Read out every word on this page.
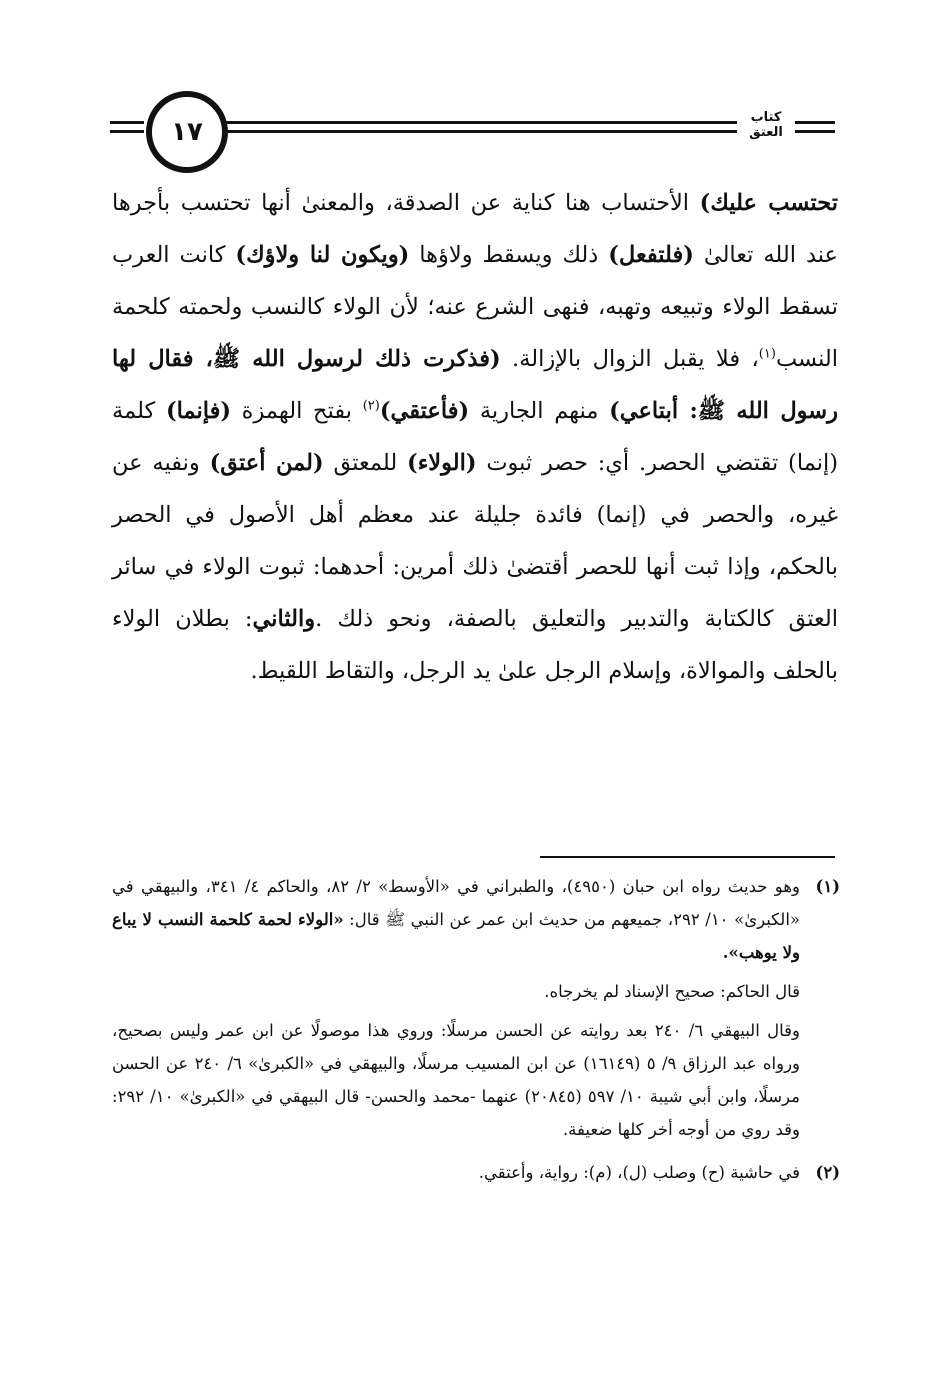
١٧	كتاب العتق
تحتسب عليك) الأحتساب هنا كناية عن الصدقة، والمعنىٰ أنها تحتسب بأجرها عند الله تعالىٰ (فلتفعل) ذلك ويسقط ولاؤها (ويكون لنا ولاؤك) كانت العرب تسقط الولاء وتبيعه وتهبه، فنهى الشرع عنه؛ لأن الولاء كالنسب ولحمته كلحمة النسب$^{(١)}$، فلا يقبل الزوال بالإزالة. (فذكرت ذلك لرسول الله ﷺ، فقال لها رسول الله ﷺ: أبتاعي) منهم الجارية (فأعتقي)$^{(٢)}$ بفتح الهمزة (فإنما) كلمة (إنما) تقتضي الحصر. أي: حصر ثبوت (الولاء) للمعتق (لمن أعتق) ونفيه عن غيره، والحصر في (إنما) فائدة جليلة عند معظم أهل الأصول في الحصر بالحكم، وإذا ثبت أنها للحصر أقتضىٰ ذلك أمرين: أحدهما: ثبوت الولاء في سائر العتق كالكتابة والتدبير والتعليق بالصفة، ونحو ذلك .والثاني: بطلان الولاء بالحلف والموالاة، وإسلام الرجل علىٰ يد الرجل، والتقاط اللقيط.
(١)

وهو حديث رواه ابن حبان (٤٩٥٠)، والطبراني في «الأوسط» ٢/ ٨٢، والحاكم ٤/ ٣٤١، والبيهقي في «الكبرىٰ» ١٠/ ٢٩٢، جميعهم من حديث ابن عمر عن النبي ﷺ قال: «الولاء لحمة كلحمة النسب لا يباع ولا يوهب».

قال الحاكم: صحيح الإسناد لم يخرجاه.

وقال البيهقي ٦/ ٢٤٠ بعد روايته عن الحسن مرسلًا: وروي هذا موصولًا عن ابن عمر وليس بصحيح، ورواه عبد الرزاق ٩/ ٥ (١٦١٤٩) عن ابن المسيب مرسلًا، والبيهقي في «الكبرىٰ» ٦/ ٢٤٠ عن الحسن مرسلًا، وابن أبي شيبة ١٠/ ٥٩٧ (٢٠٨٤٥) عنهما -محمد والحسن- قال البيهقي في «الكبرىٰ» ١٠/ ٢٩٢: وقد روي من أوجه أخر كلها ضعيفة.

(٢)

في حاشية (ح) وصلب (ل)، (م): رواية، وأعتقي.
